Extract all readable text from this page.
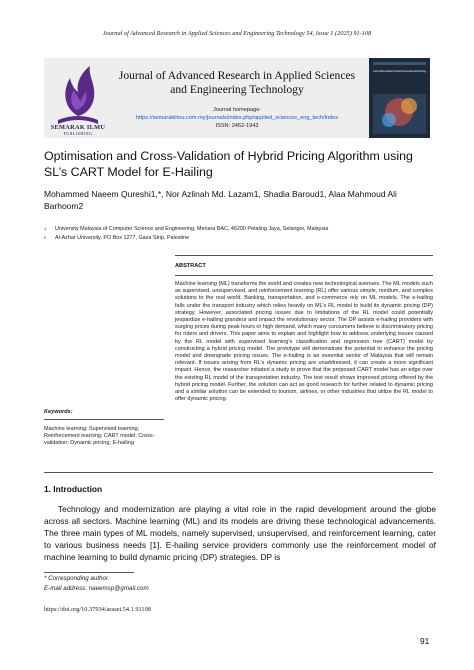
Journal of Advanced Research in Applied Sciences and Engineering Technology 54, Issue 1 (2025) 91-108
SEMARAK ILMU
PUBLISHING
Journal of Advanced Research in Applied Sciences and Engineering Technology
Journal homepage:
https://semarakilmu.com.my/journals/index.php/applied_sciences_eng_tech/index
ISSN: 2462-1943
Journal of Advanced Research in Applied Sciences and Engineering Technology
Optimisation and Cross-Validation of Hybrid Pricing Algorithm using SL’s CART Model for E-Hailing
Mohammed Naeem Qureshi1,*, Nor Azlinah Md. Lazam1, Shadia Baroud1, Alaa Mahmoud Ali Barhoom2
1	University Malaysia of Computer Science and Engineering, Menara BAC, 46200 Petaling Jaya, Selangor, Malaysia
2	Al-Azhar University, PO Box 1277, Gaza Strip, Palestine
ABSTRACT
Machine learning (ML) transforms the world and creates new technological avenues. The ML models such as supervised, unsupervised, and reinforcement learning (RL) offer various simple, medium, and complex solutions to the real world. Banking, transportation, and e-commerce rely on ML models. The e-hailing falls under the transport industry which relies heavily on ML’s RL model to build its dynamic pricing (DP) strategy. However, associated pricing issues due to limitations of the RL model could potentially jeopardize e-hailing grandeur and impact the revolutionary sector. The DP assists e-hailing providers with surging prices during peak hours or high demand, which many consumers believe is discriminatory pricing for riders and drivers. This paper aims to explain and highlight how to address underlying issues caused by the RL model with supervised learning’s classification and regression tree (CART) model by constructing a hybrid pricing model. The prototype will demonstrate the potential to enhance the pricing model and downgrade pricing issues. The e-hailing is an essential sector of Malaysia that will remain relevant. If issues arising from RL’s dynamic pricing are unaddressed, it can create a more significant impact. Hence, the researcher initiated a study to prove that the proposed CART model has an edge over the existing RL model of the transportation industry. The test result shows improved pricing offered by the hybrid pricing model. Further, the solution can act as good research for further related to dynamic pricing and a similar solution can be extended to tourism, airlines, or other industries that utilize the RL model to offer dynamic pricing.
Keywords:
Machine learning; Supervised learning; Reinforcement learning; CART model; Cross-validation; Dynamic pricing; E-hailing
1. Introduction

Technology and modernization are playing a vital role in the rapid development around the globe across all sectors. Machine learning (ML) and its models are driving these technological advancements. The three main types of ML models, namely supervised, unsupervised, and reinforcement learning, cater to various business needs [1]. E-hailing service providers commonly use the reinforcement model of machine learning to build dynamic pricing (DP) strategies. DP is

* Corresponding author.
E-mail address: naeemsp@gmail.com
https://doi.org/10.37934/araset.54.1.91108
91
